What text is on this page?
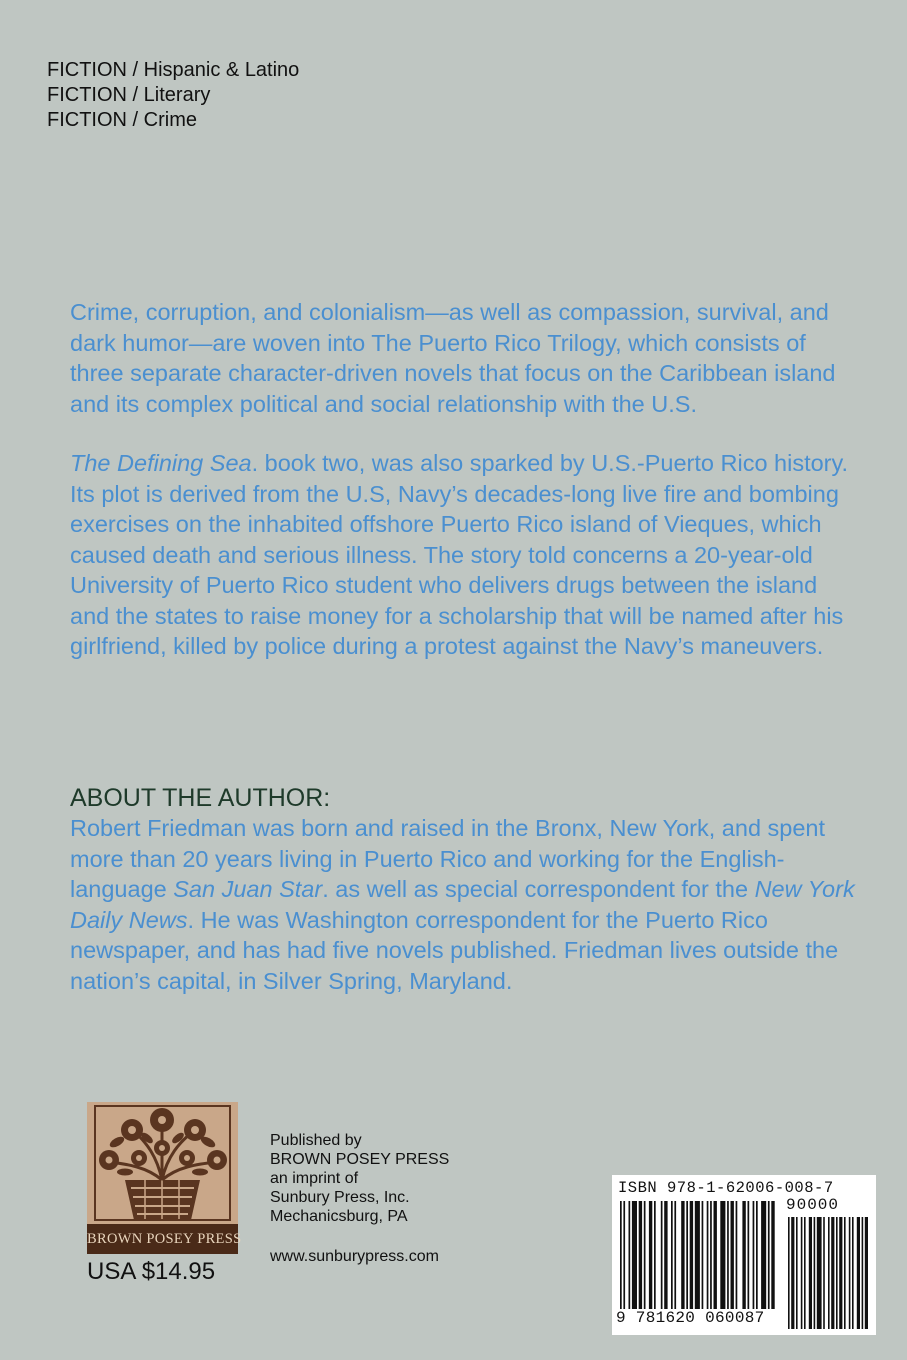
FICTION / Hispanic & Latino
FICTION / Literary
FICTION / Crime

Crime, corruption, and colonialism—as well as compassion, survival, and dark humor—are woven into The Puerto Rico Trilogy, which consists of three separate character-driven novels that focus on the Caribbean island and its complex political and social relationship with the U.S.

The Defining Sea. book two, was also sparked by U.S.-Puerto Rico history. Its plot is derived from the U.S, Navy’s decades-long live fire and bombing exercises on the inhabited offshore Puerto Rico island of Vieques, which caused death and serious illness. The story told concerns a 20-year-old University of Puerto Rico student who delivers drugs between the island and the states to raise money for a scholarship that will be named after his girlfriend, killed by police during a protest against the Navy’s maneuvers.

ABOUT THE AUTHOR:

Robert Friedman was born and raised in the Bronx, New York, and spent more than 20 years living in Puerto Rico and working for the English-language San Juan Star. as well as special correspondent for the New York Daily News. He was Washington correspondent for the Puerto Rico newspaper, and has had five novels published. Friedman lives outside the nation’s capital, in Silver Spring, Maryland.

BROWN POSEY PRESS
USA $14.95
Published by
BROWN POSEY PRESS
an imprint of
Sunbury Press, Inc.
Mechanicsburg, PA
www.sunburypress.com
ISBN 978-1-62006-008-7
90000
9 781620 060087
